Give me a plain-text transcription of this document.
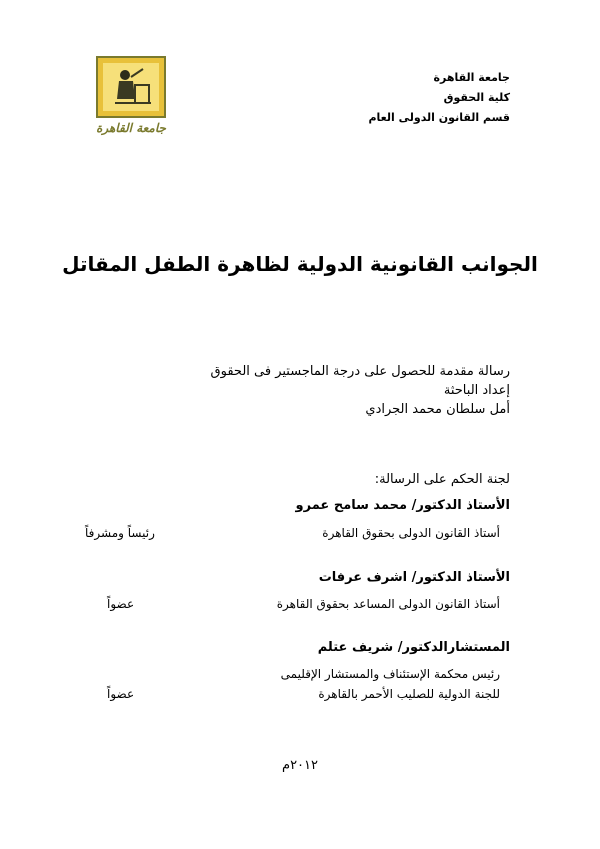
جامعة القاهرة
جامعة القاهرة
كلية الحقوق
قسم القانون الدولى العام
الجوانب القانونية الدولية لظاهرة الطفل المقاتل
رسالة مقدمة للحصول على درجة الماجستير فى الحقوق
إعداد الباحثة
أمل سلطان محمد الجرادي
لجنة الحكم على الرسالة:
الأستاذ الدكتور/ محمد سامح عمرو
أستاذ القانون الدولى بحقوق القاهرة
رئيساً ومشرفاً
الأستاذ الدكتور/ اشرف عرفات
أستاذ القانون الدولى المساعد بحقوق القاهرة
عضواً
المستشارالدكتور/ شريف عتلم
رئيس محكمة الإستئناف والمستشار الإقليمى
للجنة الدولية للصليب الأحمر بالقاهرة
عضواً
٢٠١٢م
